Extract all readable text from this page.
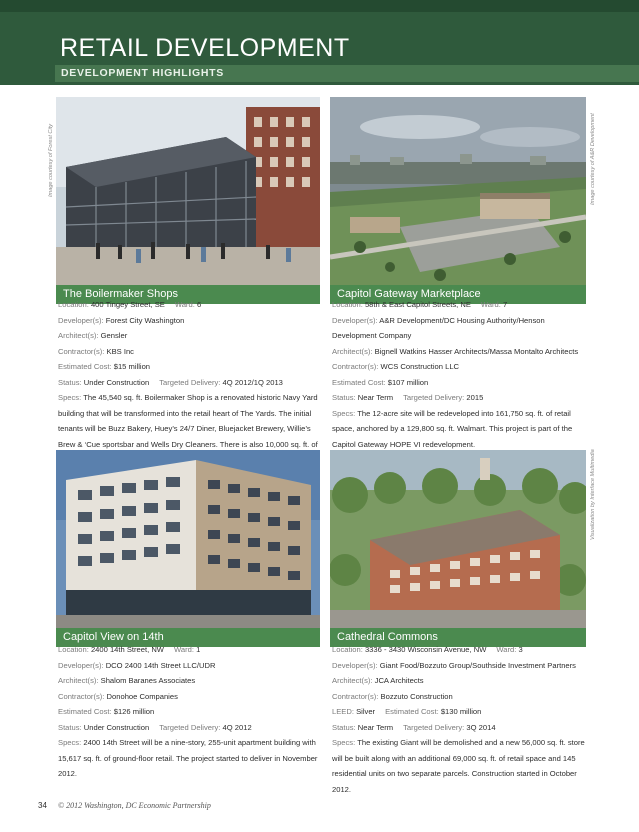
RETAIL DEVELOPMENT
DEVELOPMENT HIGHLIGHTS
Image courtesy of Forest City	Image courtesy of A&R Development
Visualization by Interface Multimedia
The Boilermaker Shops	Capitol Gateway Marketplace
Location: 400 Tingey Street, SE Ward: 6
Developer(s): Forest City Washington
Architect(s): Gensler
Contractor(s): KBS Inc
Estimated Cost: $15 million
Status: Under Construction Targeted Delivery: 4Q 2012/1Q 2013
Specs: The 45,540 sq. ft. Boilermaker Shop is a renovated historic Navy Yard building that will be transformed into the retail heart of The Yards. The initial tenants will be Buzz Bakery, Huey’s 24/7 Diner, Bluejacket Brewery, Willie’s Brew & ‘Cue sportsbar and Wells Dry Cleaners. There is also 10,000 sq. ft. of
Location: 58th & East Capitol Streets, NE Ward: 7
Developer(s): A&R Development/DC Housing Authority/Henson Development Company
Architect(s): Bignell Watkins Hasser Architects/Massa Montalto Architects
Contractor(s): WCS Construction LLC
Estimated Cost: $107 million
Status: Near Term Targeted Delivery: 2015
Specs: The 12-acre site will be redeveloped into 161,750 sq. ft. of retail space, anchored by a 129,800 sq. ft. Walmart. This project is part of the Capitol Gateway HOPE VI redevelopment.
Capitol View on 14th	Cathedral Commons
Location: 2400 14th Street, NW Ward: 1
Developer(s): DCO 2400 14th Street LLC/UDR
Architect(s): Shalom Baranes Associates
Contractor(s): Donohoe Companies
Estimated Cost: $126 million
Status: Under Construction Targeted Delivery: 4Q 2012
Specs: 2400 14th Street will be a nine-story, 255-unit apartment building with 15,617 sq. ft. of ground-floor retail. The project started to deliver in November 2012.
Location: 3336 - 3430 Wisconsin Avenue, NW Ward: 3
Developer(s): Giant Food/Bozzuto Group/Southside Investment Partners
Architect(s): JCA Architects
Contractor(s): Bozzuto Construction
LEED: Silver Estimated Cost: $130 million
Status: Near Term Targeted Delivery: 3Q 2014
Specs: The existing Giant will be demolished and a new 56,000 sq. ft. store will be built along with an additional 69,000 sq. ft. of retail space and 145 residential units on two separate parcels. Construction started in October 2012.
34 © 2012 Washington, DC Economic Partnership
